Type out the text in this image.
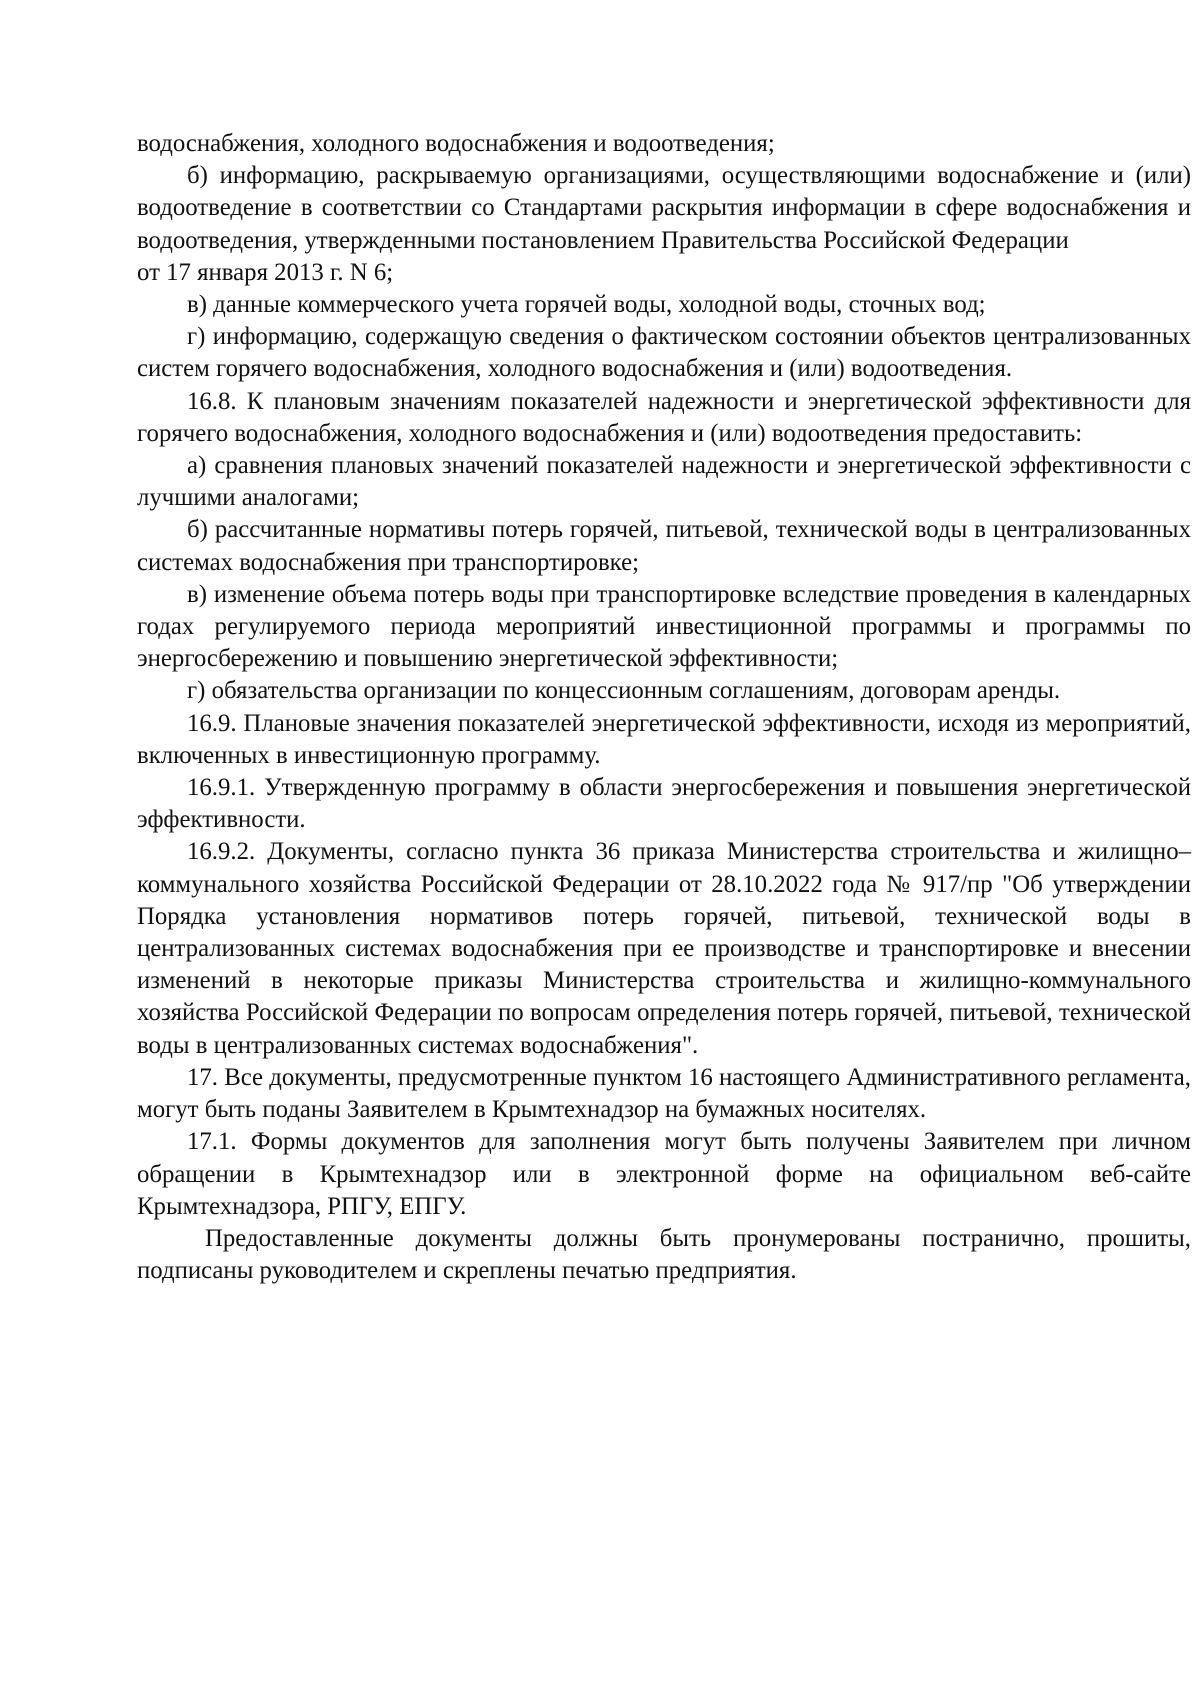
водоснабжения, холодного водоснабжения и водоотведения;

б) информацию, раскрываемую организациями, осуществляющими водоснабжение и (или) водоотведение в соответствии со Стандартами раскрытия информации в сфере водоснабжения и водоотведения, утвержденными постановлением Правительства Российской Федерации

от 17 января 2013 г. N 6;

в) данные коммерческого учета горячей воды, холодной воды, сточных вод;

г) информацию, содержащую сведения о фактическом состоянии объектов централизованных систем горячего водоснабжения, холодного водоснабжения и (или) водоотведения.

16.8. К плановым значениям показателей надежности и энергетической эффективности для горячего водоснабжения, холодного водоснабжения и (или) водоотведения предоставить:

а) сравнения плановых значений показателей надежности и энергетической эффективности с лучшими аналогами;

б) рассчитанные нормативы потерь горячей, питьевой, технической воды в централизованных системах водоснабжения при транспортировке;

в) изменение объема потерь воды при транспортировке вследствие проведения в календарных годах регулируемого периода мероприятий инвестиционной программы и программы по энергосбережению и повышению энергетической эффективности;

г) обязательства организации по концессионным соглашениям, договорам аренды.

16.9. Плановые значения показателей энергетической эффективности, исходя из мероприятий, включенных в инвестиционную программу.

16.9.1. Утвержденную программу в области энергосбережения и повышения энергетической эффективности.

16.9.2. Документы, согласно пункта 36 приказа Министерства строительства и жилищно–коммунального хозяйства Российской Федерации от 28.10.2022 года № 917/пр "Об утверждении Порядка установления нормативов потерь горячей, питьевой, технической воды в централизованных системах водоснабжения при ее производстве и транспортировке и внесении изменений в некоторые приказы Министерства строительства и жилищно-коммунального хозяйства Российской Федерации по вопросам определения потерь горячей, питьевой, технической воды в централизованных системах водоснабжения".

17. Все документы, предусмотренные пунктом 16 настоящего Административного регламента, могут быть поданы Заявителем в Крымтехнадзор на бумажных носителях.

17.1. Формы документов для заполнения могут быть получены Заявителем при личном обращении в Крымтехнадзор или в электронной форме на официальном веб-сайте Крымтехнадзора, РПГУ, ЕПГУ.

Предоставленные документы должны быть пронумерованы постранично, прошиты, подписаны руководителем и скреплены печатью предприятия.
